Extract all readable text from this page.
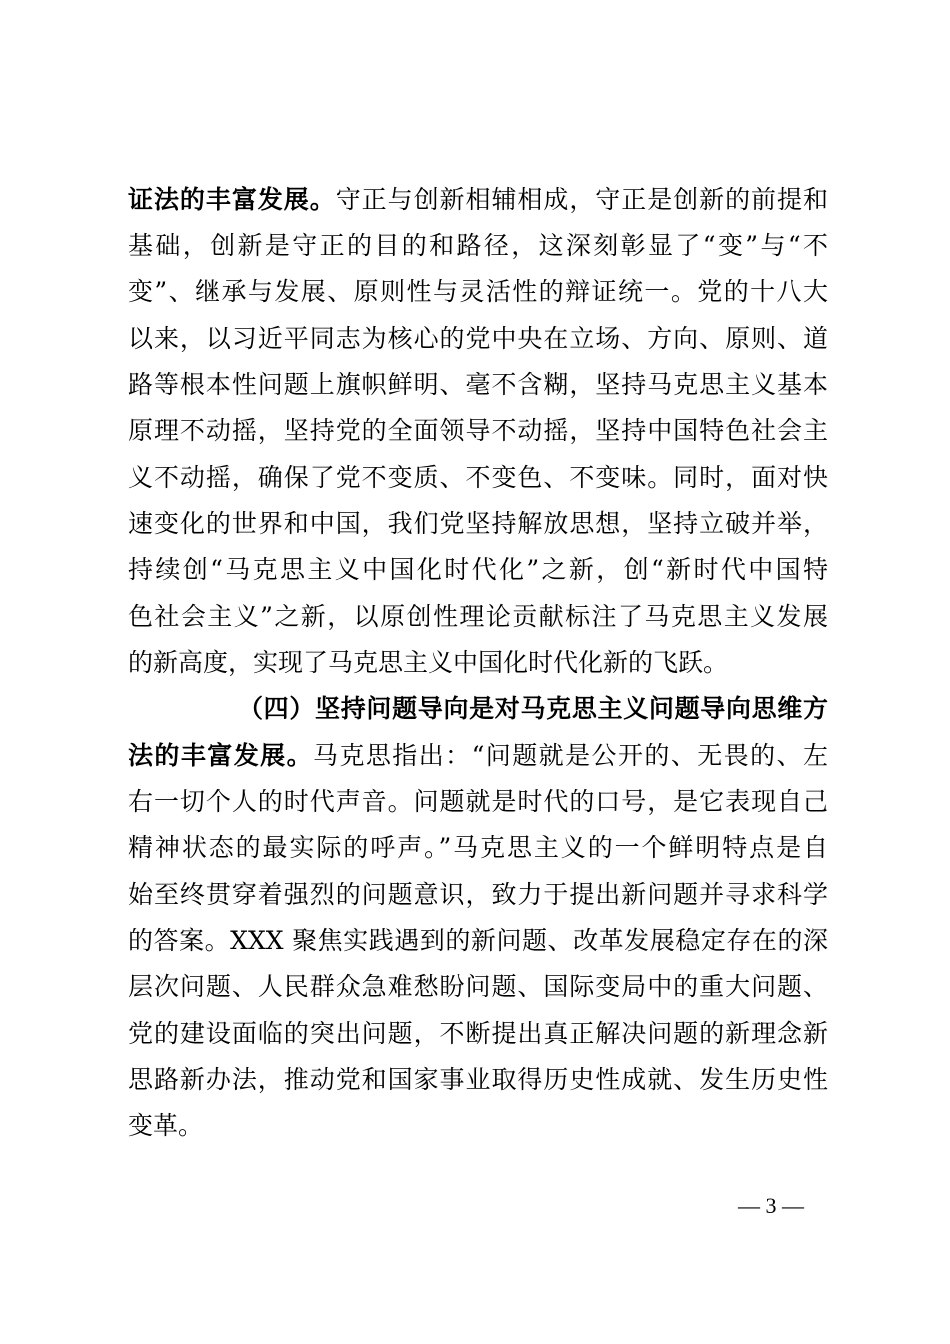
证法的丰富发展。守正与创新相辅相成，守正是创新的前提和
基础，创新是守正的目的和路径，这深刻彰显了“变”与“不
变”、继承与发展、原则性与灵活性的辩证统一。党的十八大
以来，以习近平同志为核心的党中央在立场、方向、原则、道
路等根本性问题上旗帜鲜明、毫不含糊，坚持马克思主义基本
原理不动摇，坚持党的全面领导不动摇，坚持中国特色社会主
义不动摇，确保了党不变质、不变色、不变味。同时，面对快
速变化的世界和中国，我们党坚持解放思想，坚持立破并举，
持续创“马克思主义中国化时代化”之新，创“新时代中国特
色社会主义”之新，以原创性理论贡献标注了马克思主义发展
的新高度，实现了马克思主义中国化时代化新的飞跃。
（四）坚持问题导向是对马克思主义问题导向思维方
法的丰富发展。马克思指出：“问题就是公开的、无畏的、左
右一切个人的时代声音。问题就是时代的口号，是它表现自己
精神状态的最实际的呼声。”马克思主义的一个鲜明特点是自
始至终贯穿着强烈的问题意识，致力于提出新问题并寻求科学
的答案。XXX 聚焦实践遇到的新问题、改革发展稳定存在的深
层次问题、人民群众急难愁盼问题、国际变局中的重大问题、
党的建设面临的突出问题，不断提出真正解决问题的新理念新
思路新办法，推动党和国家事业取得历史性成就、发生历史性
变革。
— 3 —
